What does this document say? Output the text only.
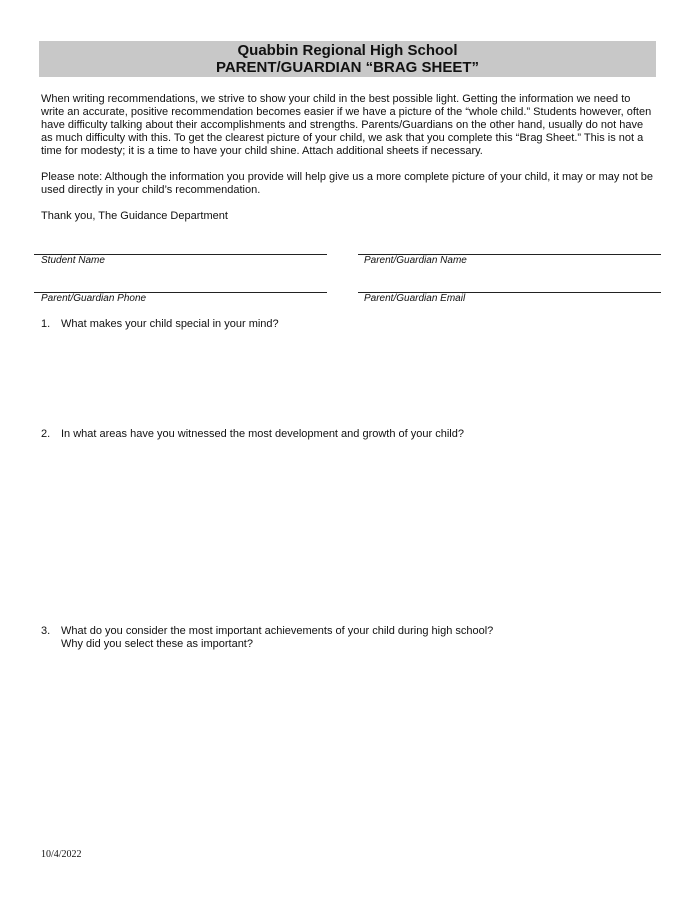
Quabbin Regional High School
PARENT/GUARDIAN “BRAG SHEET”

When writing recommendations, we strive to show your child in the best possible light. Getting the information we need to write an accurate, positive recommendation becomes easier if we have a picture of the “whole child.” Students however, often have difficulty talking about their accomplishments and strengths. Parents/Guardians on the other hand, usually do not have as much difficulty with this. To get the clearest picture of your child, we ask that you complete this “Brag Sheet.” This is not a time for modesty; it is a time to have your child shine. Attach additional sheets if necessary.

Please note: Although the information you provide will help give us a more complete picture of your child, it may or may not be used directly in your child’s recommendation.

Thank you, The Guidance Department

Student Name	Parent/Guardian Name
Parent/Guardian Phone	Parent/Guardian Email
1. What makes your child special in your mind?
2. In what areas have you witnessed the most development and growth of your child?
3. What do you consider the most important achievements of your child during high school?
Why did you select these as important?
10/4/2022
